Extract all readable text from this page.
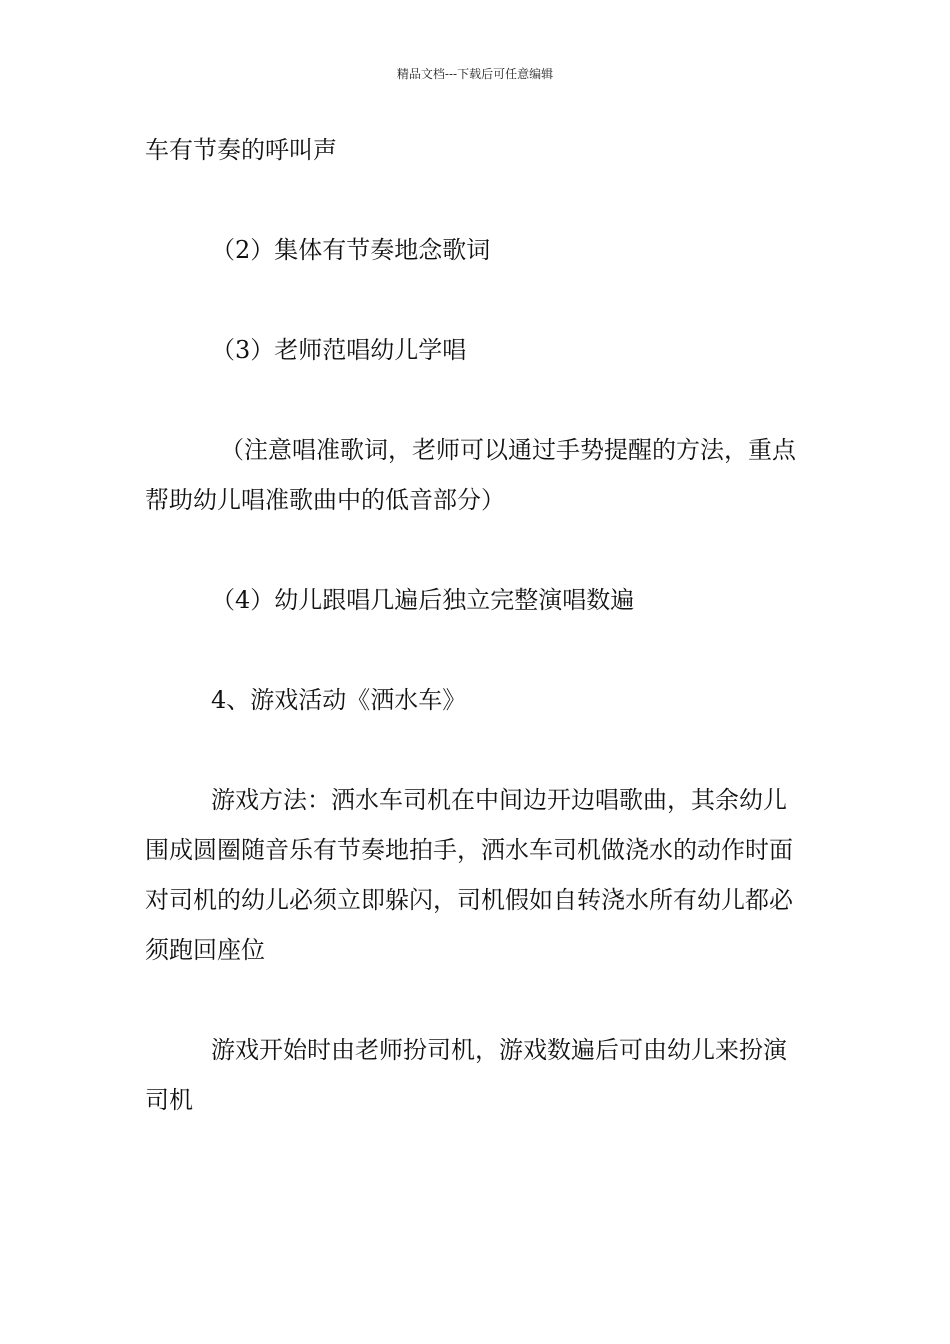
精品文档---下载后可任意编辑

车有节奏的呼叫声

（2）集体有节奏地念歌词

（3）老师范唱幼儿学唱

（注意唱准歌词，老师可以通过手势提醒的方法，重点帮助幼儿唱准歌曲中的低音部分）

（4）幼儿跟唱几遍后独立完整演唱数遍

4、游戏活动《洒水车》

游戏方法：洒水车司机在中间边开边唱歌曲，其余幼儿围成圆圈随音乐有节奏地拍手，洒水车司机做浇水的动作时面对司机的幼儿必须立即躲闪，司机假如自转浇水所有幼儿都必须跑回座位

游戏开始时由老师扮司机，游戏数遍后可由幼儿来扮演司机
